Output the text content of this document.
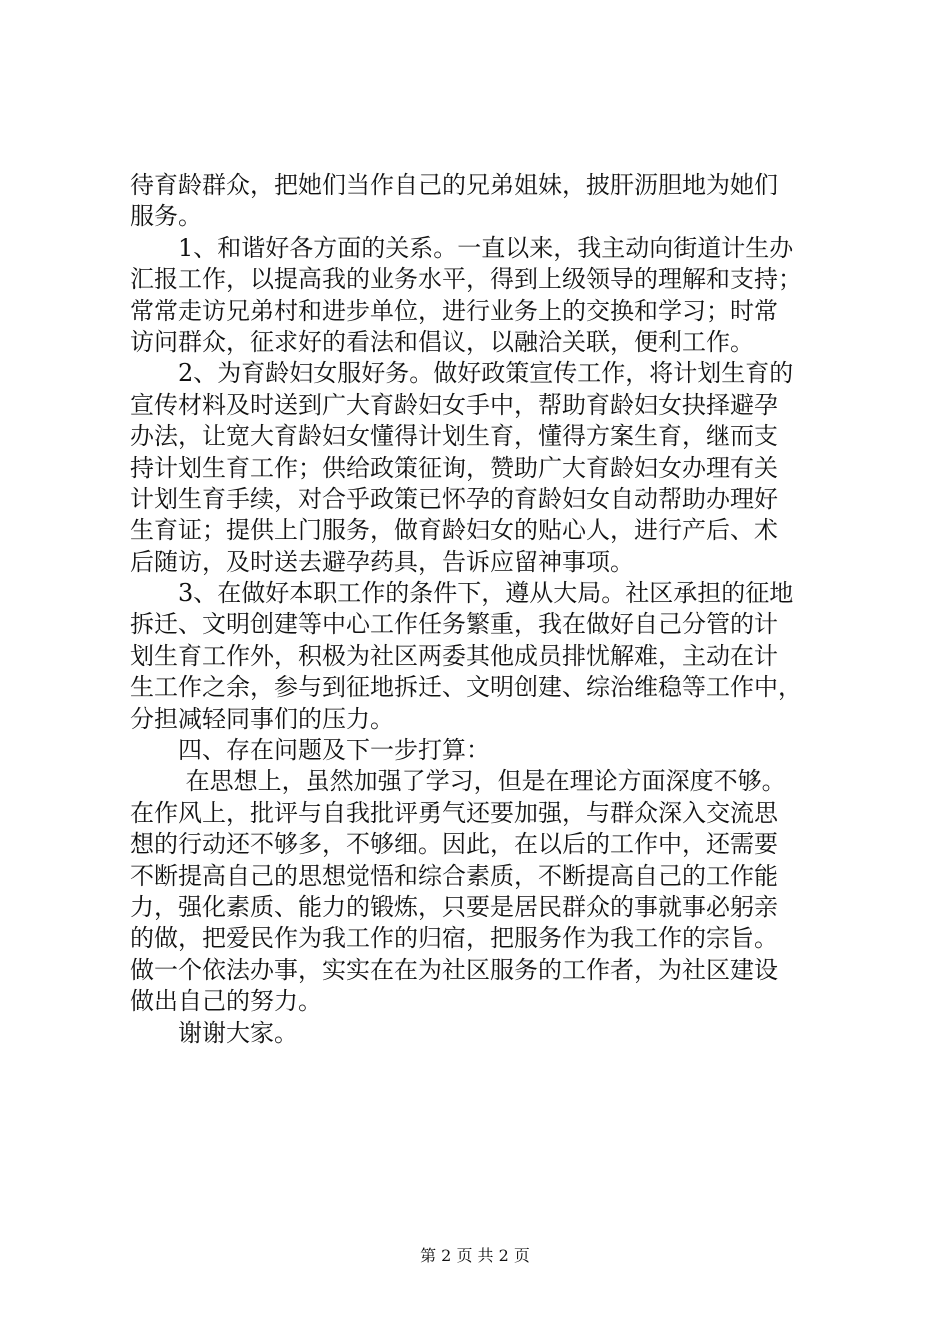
待育龄群众，把她们当作自己的兄弟姐妹，披肝沥胆地为她们
服务。
　　1、和谐好各方面的关系。一直以来，我主动向街道计生办
汇报工作，以提高我的业务水平，得到上级领导的理解和支持；
常常走访兄弟村和进步单位，进行业务上的交换和学习；时常
访问群众，征求好的看法和倡议，以融洽关联，便利工作。
　　2、为育龄妇女服好务。做好政策宣传工作，将计划生育的
宣传材料及时送到广大育龄妇女手中，帮助育龄妇女抉择避孕
办法，让宽大育龄妇女懂得计划生育，懂得方案生育，继而支
持计划生育工作；供给政策征询，赞助广大育龄妇女办理有关
计划生育手续，对合乎政策已怀孕的育龄妇女自动帮助办理好
生育证；提供上门服务，做育龄妇女的贴心人，进行产后、术
后随访，及时送去避孕药具，告诉应留神事项。
　　3、在做好本职工作的条件下，遵从大局。社区承担的征地
拆迁、文明创建等中心工作任务繁重，我在做好自己分管的计
划生育工作外，积极为社区两委其他成员排忧解难，主动在计
生工作之余，参与到征地拆迁、文明创建、综治维稳等工作中，
分担减轻同事们的压力。
　　四、存在问题及下一步打算：
　　 在思想上，虽然加强了学习，但是在理论方面深度不够。
在作风上，批评与自我批评勇气还要加强，与群众深入交流思
想的行动还不够多，不够细。因此，在以后的工作中，还需要
不断提高自己的思想觉悟和综合素质，不断提高自己的工作能
力，强化素质、能力的锻炼，只要是居民群众的事就事必躬亲
的做，把爱民作为我工作的归宿，把服务作为我工作的宗旨。
做一个依法办事，实实在在为社区服务的工作者，为社区建设
做出自己的努力。
　　谢谢大家。
第 2 页 共 2 页
